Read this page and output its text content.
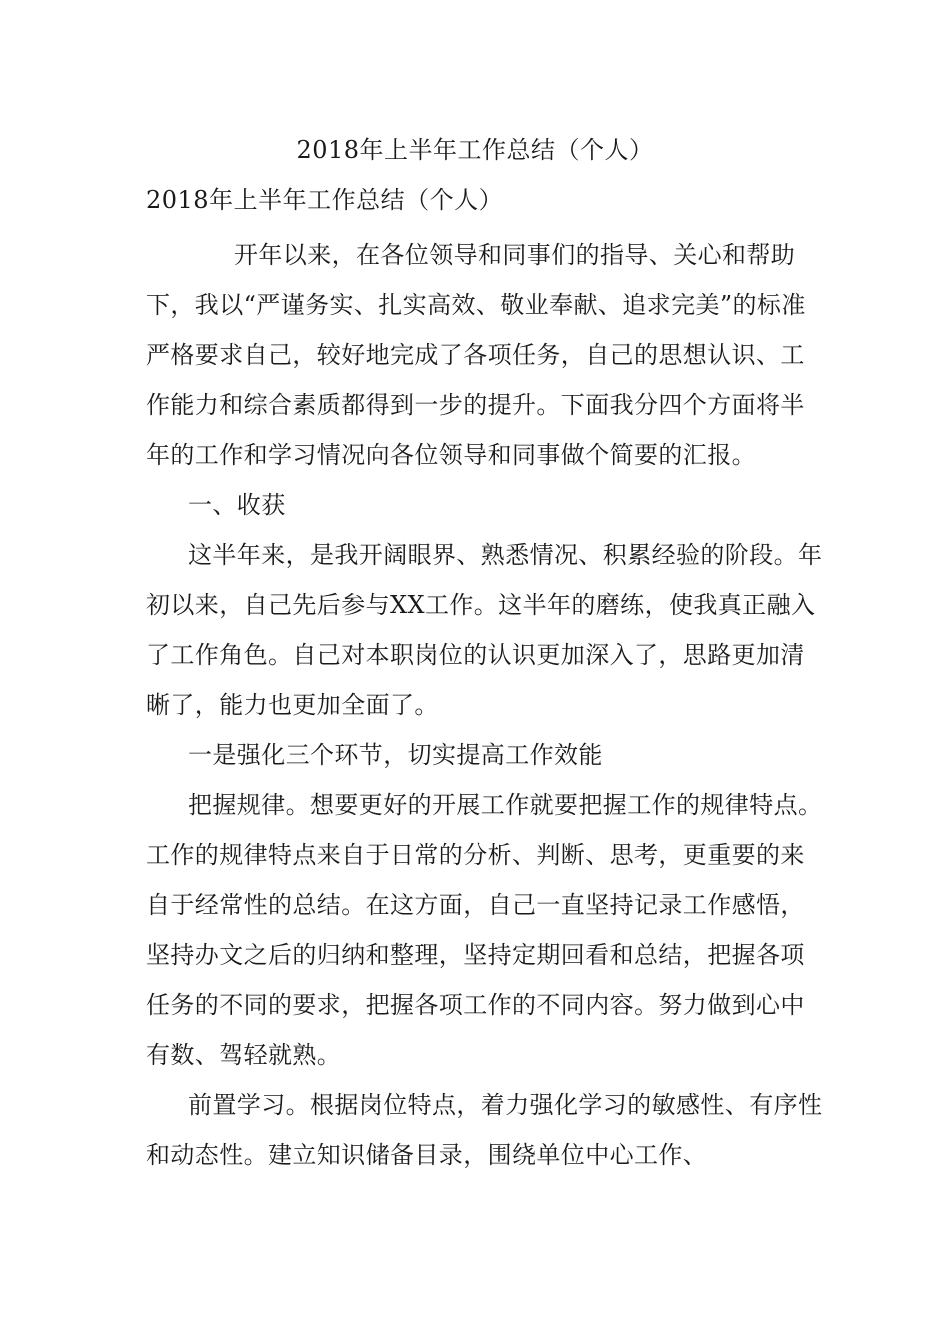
2018年上半年工作总结（个人）
2018年上半年工作总结（个人）

开年以来，在各位领导和同事们的指导、关心和帮助下，我以“严谨务实、扎实高效、敬业奉献、追求完美”的标准严格要求自己，较好地完成了各项任务，自己的思想认识、工作能力和综合素质都得到一步的提升。下面我分四个方面将半年的工作和学习情况向各位领导和同事做个简要的汇报。

一、收获

这半年来，是我开阔眼界、熟悉情况、积累经验的阶段。年初以来，自己先后参与XX工作。这半年的磨练，使我真正融入了工作角色。自己对本职岗位的认识更加深入了，思路更加清晰了，能力也更加全面了。

一是强化三个环节，切实提高工作效能

把握规律。想要更好的开展工作就要把握工作的规律特点。工作的规律特点来自于日常的分析、判断、思考，更重要的来自于经常性的总结。在这方面，自己一直坚持记录工作感悟，坚持办文之后的归纳和整理，坚持定期回看和总结，把握各项任务的不同的要求，把握各项工作的不同内容。努力做到心中有数、驾轻就熟。

前置学习。根据岗位特点，着力强化学习的敏感性、有序性和动态性。建立知识储备目录，围绕单位中心工作、
